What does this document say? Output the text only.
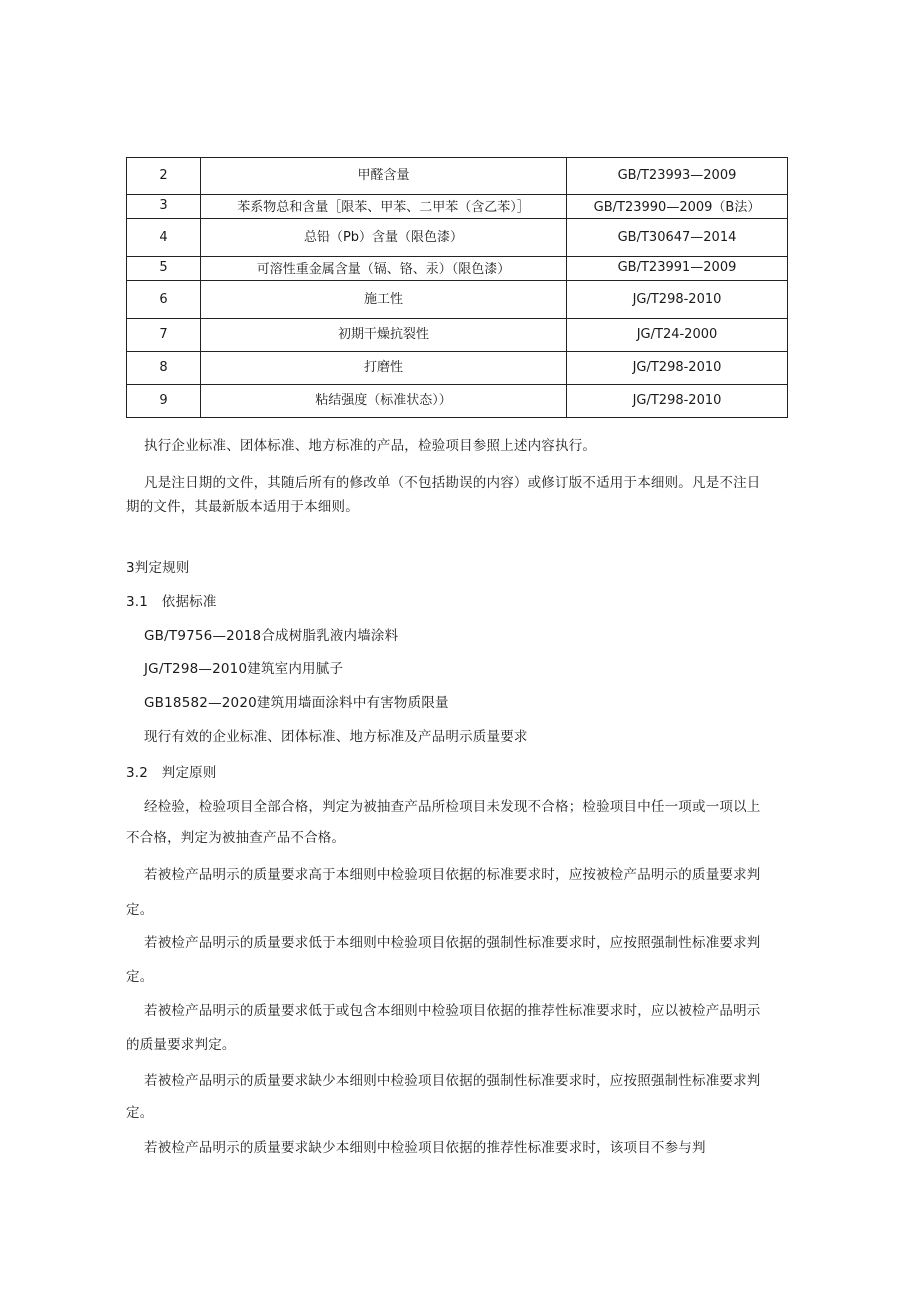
2	甲醛含量	GB/T23993—2009

3	苯系物总和含量［限苯、甲苯、二甲苯（含乙苯）］	GB/T23990—2009（B法）

4	总铅（Pb）含量（限色漆）	GB/T30647—2014

5	可溶性重金属含量（镉、铬、汞）（限色漆）	GB/T23991—2009

6	施工性	JG/T298-2010
7	初期干燥抗裂性	JG/T24-2000
8	打磨性	JG/T298-2010
9	粘结强度（标准状态））	JG/T298-2010
执行企业标准、团体标准、地方标准的产品，检验项目参照上述内容执行。
凡是注日期的文件，其随后所有的修改单（不包括勘误的内容）或修订版不适用于本细则。凡是不注日
期的文件，其最新版本适用于本细则。
3判定规则
3.1　依据标准
GB/T9756—2018合成树脂乳液内墙涂料
JG/T298—2010建筑室内用腻子
GB18582—2020建筑用墙面涂料中有害物质限量
现行有效的企业标准、团体标准、地方标准及产品明示质量要求
3.2　判定原则
经检验，检验项目全部合格，判定为被抽查产品所检项目未发现不合格；检验项目中任一项或一项以上
不合格，判定为被抽查产品不合格。
若被检产品明示的质量要求高于本细则中检验项目依据的标准要求时，应按被检产品明示的质量要求判
定。
若被检产品明示的质量要求低于本细则中检验项目依据的强制性标准要求时，应按照强制性标准要求判
定。
若被检产品明示的质量要求低于或包含本细则中检验项目依据的推荐性标准要求时，应以被检产品明示
的质量要求判定。
若被检产品明示的质量要求缺少本细则中检验项目依据的强制性标准要求时，应按照强制性标准要求判
定。
若被检产品明示的质量要求缺少本细则中检验项目依据的推荐性标准要求时，该项目不参与判
